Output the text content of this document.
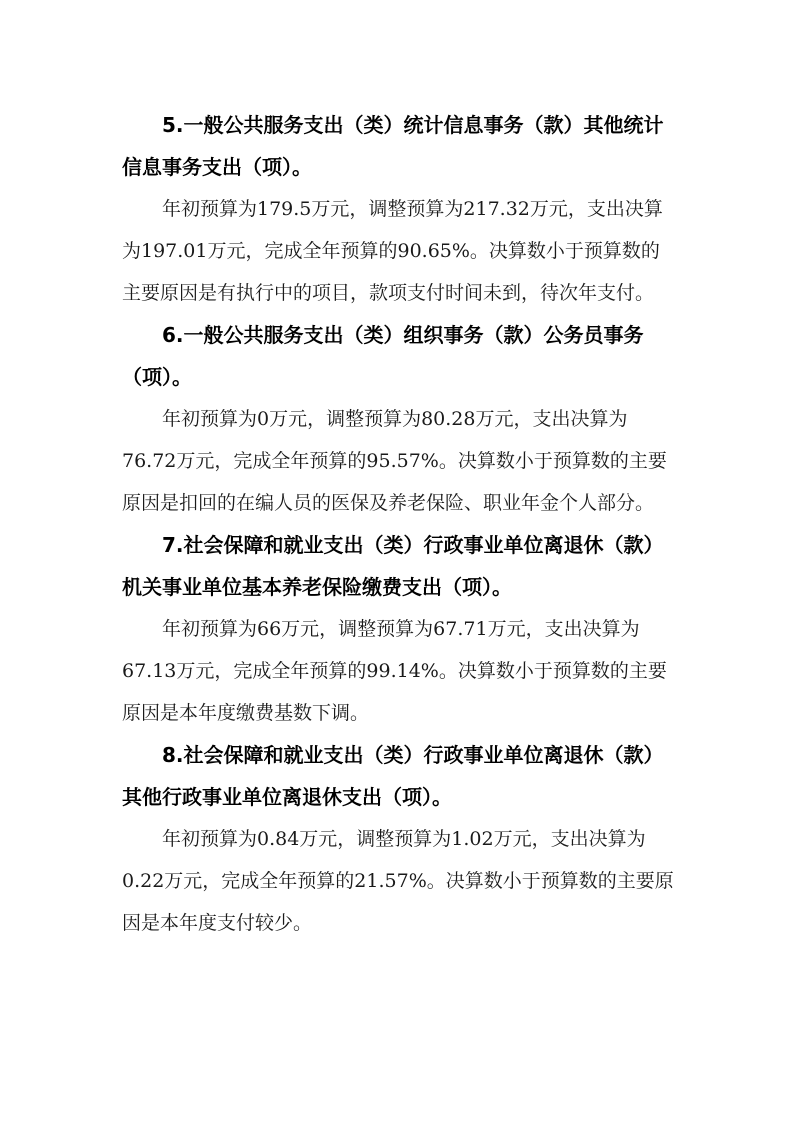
5.一般公共服务支出（类）统计信息事务（款）其他统计信息事务支出（项）。
年初预算为179.5万元，调整预算为217.32万元，支出决算为197.01万元，完成全年预算的90.65%。决算数小于预算数的主要原因是有执行中的项目，款项支付时间未到，待次年支付。
6.一般公共服务支出（类）组织事务（款）公务员事务（项）。
年初预算为0万元，调整预算为80.28万元，支出决算为76.72万元，完成全年预算的95.57%。决算数小于预算数的主要原因是扣回的在编人员的医保及养老保险、职业年金个人部分。
7.社会保障和就业支出（类）行政事业单位离退休（款）机关事业单位基本养老保险缴费支出（项）。
年初预算为66万元，调整预算为67.71万元，支出决算为67.13万元，完成全年预算的99.14%。决算数小于预算数的主要原因是本年度缴费基数下调。
8.社会保障和就业支出（类）行政事业单位离退休（款）其他行政事业单位离退休支出（项）。
年初预算为0.84万元，调整预算为1.02万元，支出决算为0.22万元，完成全年预算的21.57%。决算数小于预算数的主要原因是本年度支付较少。
